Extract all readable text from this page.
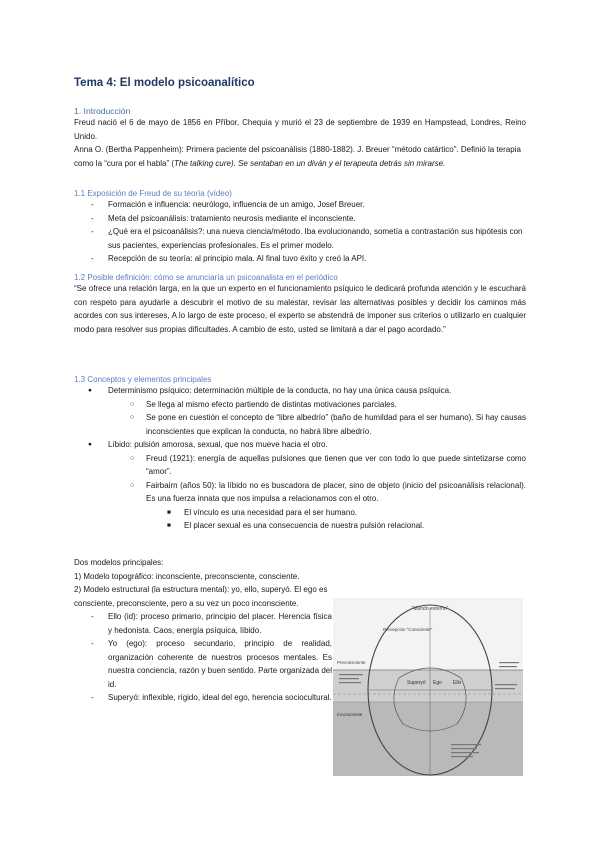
Tema 4: El modelo psicoanalítico
1. Introducción
Freud nació el 6 de mayo de 1856 en Příbor, Chequia y murió el 23 de septiembre de 1939 en Hampstead, Londres, Reino Unido.
Anna O. (Bertha Pappenheim): Primera paciente del psicoanálisis (1880-1882). J. Breuer “método catártico”. Definió la terapia como la “cura por el habla” (The talking cure). Se sentaban en un diván y el terapeuta detrás sin mirarse.
1.1 Exposición de Freud de su teoría (vídeo)
- Formación e influencia: neurólogo, influencia de un amigo, Josef Breuer.
- Meta del psicoanálisis: tratamiento neurosis mediante el inconsciente.
- ¿Qué era el psicoanálisis?: una nueva ciencia/método. Iba evolucionando, sometía a contrastación sus hipótesis con sus pacientes, experiencias profesionales. Es el primer modelo.
- Recepción de su teoría: al principio mala. Al final tuvo éxito y creó la API.
1.2 Posible definición: cómo se anunciaría un psicoanalista en el periódico
“Se ofrece una relación larga, en la que un experto en el funcionamiento psíquico le dedicará profunda atención y le escuchará con respeto para ayudarle a descubrir el motivo de su malestar, revisar las alternativas posibles y decidir los caminos más acordes con sus intereses, A lo largo de este proceso, el experto se abstendrá de imponer sus criterios o utilizarlo en cualquier modo para resolver sus propias dificultades. A cambio de esto, usted se limitará a dar el pago acordado.”
1.3 Conceptos y elementos principales
● Determinismo psíquico: determinación múltiple de la conducta, no hay una única causa psíquica.
○ Se llega al mismo efecto partiendo de distintas motivaciones parciales.
○ Se pone en cuestión el concepto de “libre albedrío” (baño de humildad para el ser humano). Si hay causas inconscientes que explican la conducta, no habrá libre albedrío.
● Líbido: pulsión amorosa, sexual, que nos mueve hacia el otro.
○ Freud (1921): energía de aquellas pulsiones que tienen que ver con todo lo que puede sintetizarse como “amor”.
○ Fairbairn (años 50): la líbido no es buscadora de placer, sino de objeto (inicio del psicoanálisis relacional). Es una fuerza innata que nos impulsa a relacionarnos con el otro.
■ El vínculo es una necesidad para el ser humano.
■ El placer sexual es una consecuencia de nuestra pulsión relacional.
Dos modelos principales:
1) Modelo topográfico: inconsciente, preconsciente, consciente.
2) Modelo estructural (la estructura mental): yo, ello, superyó. El ego es consciente, preconsciente, pero a su vez un poco inconsciente.
- Ello (id): proceso primario, principio del placer. Herencia física y hedonista. Caos, energía psíquica, líbido.
- Yo (ego): proceso secundario, principio de realidad, organización coherente de nuestros procesos mentales. Es nuestra conciencia, razón y buen sentido. Parte organizada del id.
- Superyó: inflexible, rígido, ideal del ego, herencia sociocultural.
“Mundo externo”
Percepción “Consciente”
Preconsciente
Superyó Ego Ello
Inconsciente
